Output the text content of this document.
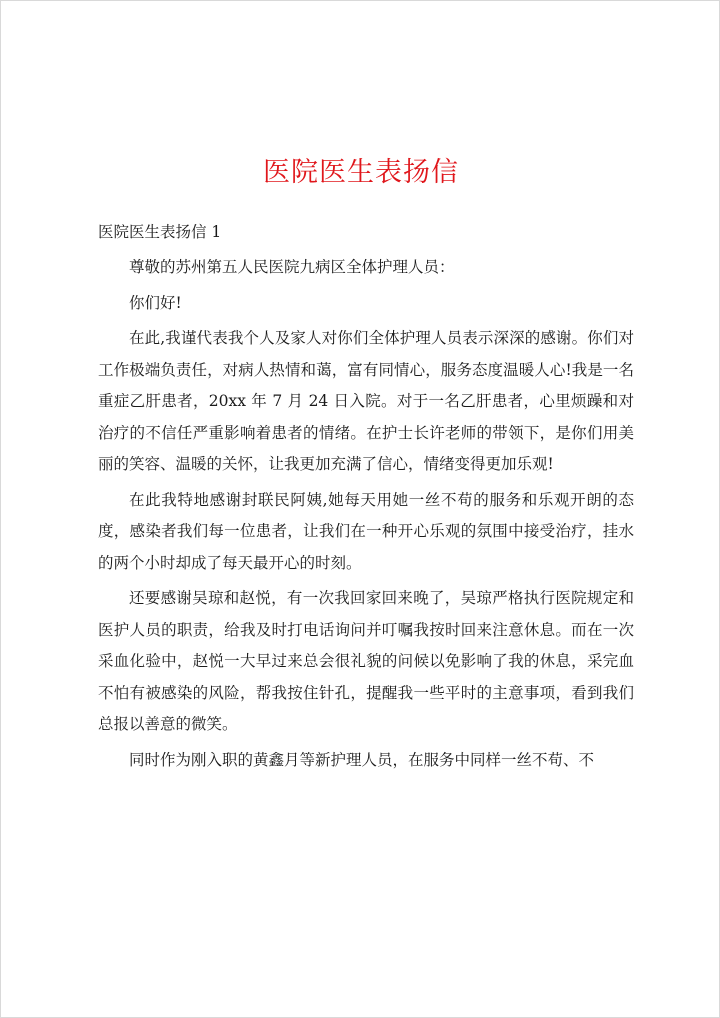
医院医生表扬信

医院医生表扬信 1

尊敬的苏州第五人民医院九病区全体护理人员：

你们好!

在此,我谨代表我个人及家人对你们全体护理人员表示深深的感谢。你们对工作极端负责任，对病人热情和蔼，富有同情心，服务态度温暖人心!我是一名重症乙肝患者，20xx 年 7 月 24 日入院。对于一名乙肝患者，心里烦躁和对治疗的不信任严重影响着患者的情绪。在护士长许老师的带领下，是你们用美丽的笑容、温暖的关怀，让我更加充满了信心，情绪变得更加乐观!

在此我特地感谢封联民阿姨,她每天用她一丝不苟的服务和乐观开朗的态度，感染者我们每一位患者，让我们在一种开心乐观的氛围中接受治疗，挂水的两个小时却成了每天最开心的时刻。

还要感谢吴琼和赵悦，有一次我回家回来晚了，吴琼严格执行医院规定和医护人员的职责，给我及时打电话询问并叮嘱我按时回来注意休息。而在一次采血化验中，赵悦一大早过来总会很礼貌的问候以免影响了我的休息，采完血不怕有被感染的风险，帮我按住针孔，提醒我一些平时的主意事项，看到我们总报以善意的微笑。

同时作为刚入职的黄鑫月等新护理人员，在服务中同样一丝不苟、不
